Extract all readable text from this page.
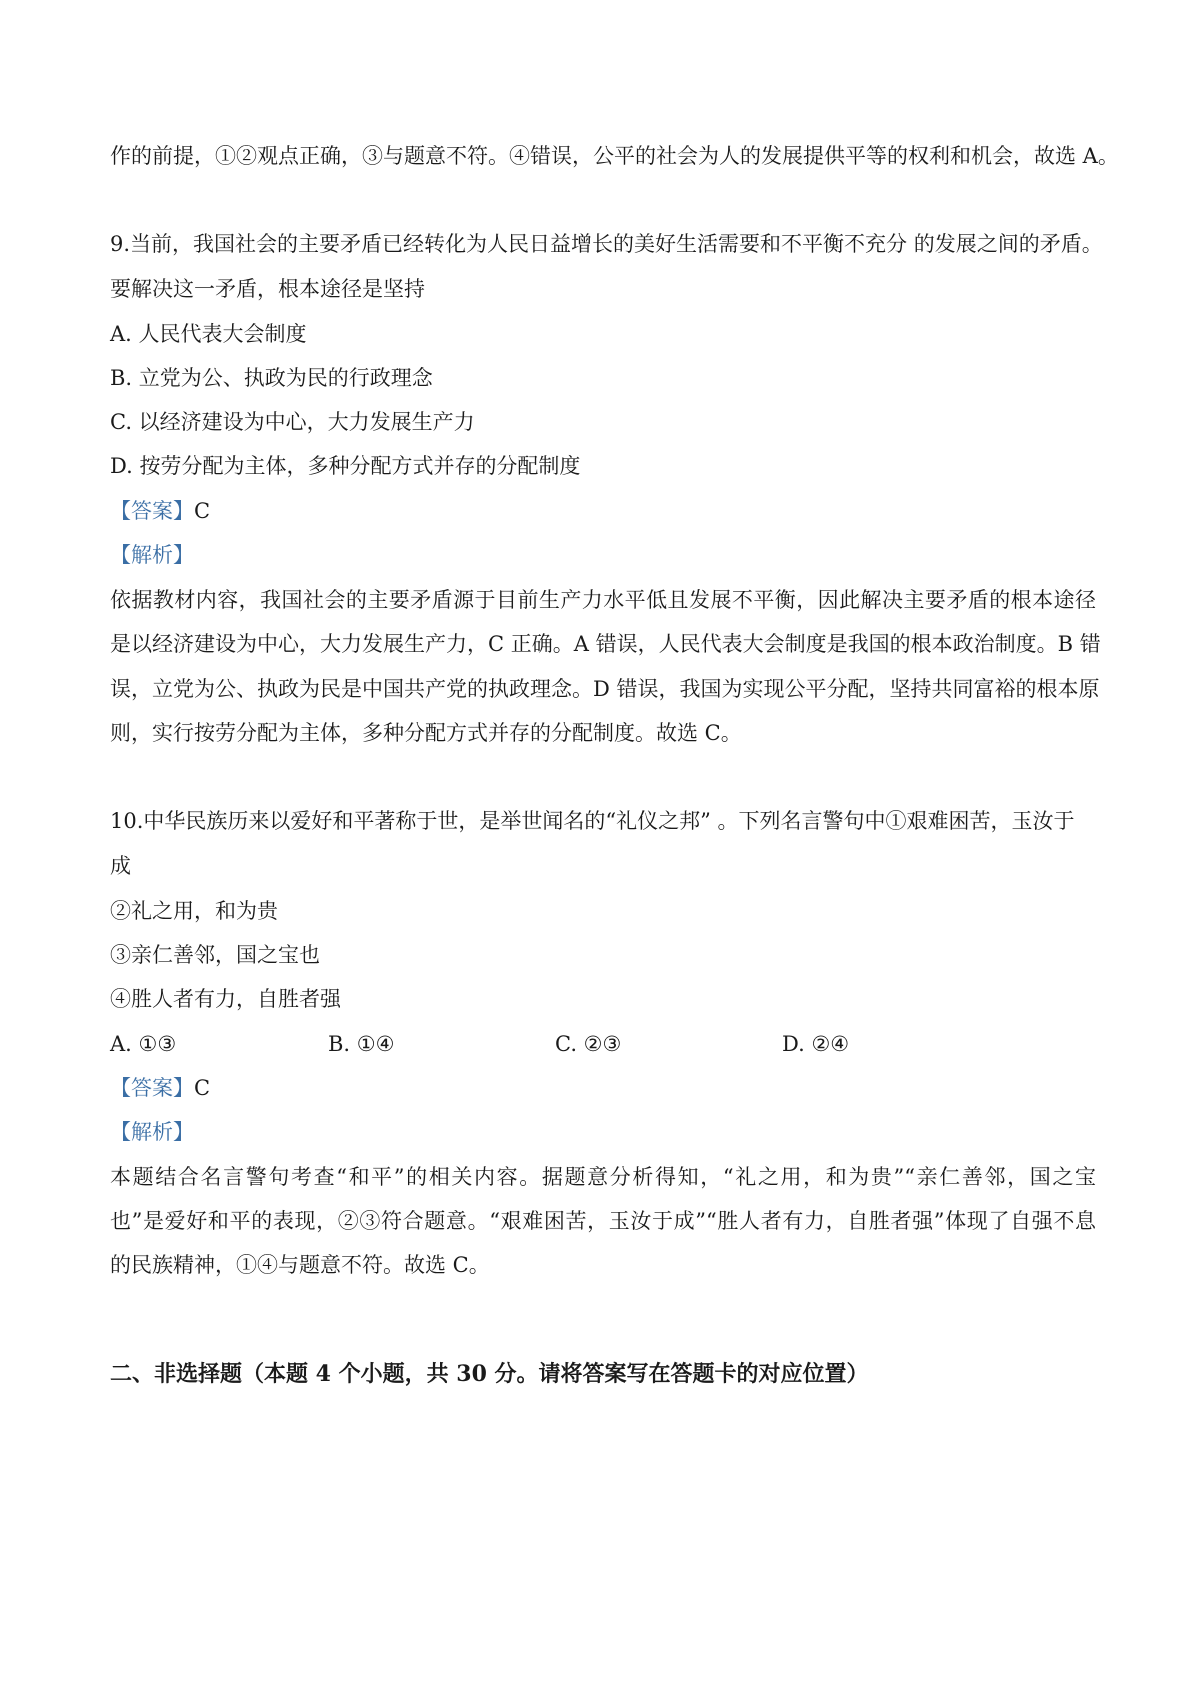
作的前提，①②观点正确，③与题意不符。④错误，公平的社会为人的发展提供平等的权利和机会，故选 A。
9.当前，我国社会的主要矛盾已经转化为人民日益增长的美好生活需要和不平衡不充分 的发展之间的矛盾。
要解决这一矛盾，根本途径是坚持
A. 人民代表大会制度
B. 立党为公、执政为民的行政理念
C. 以经济建设为中心，大力发展生产力
D. 按劳分配为主体，多种分配方式并存的分配制度
【答案】C
【解析】
依据教材内容，我国社会的主要矛盾源于目前生产力水平低且发展不平衡，因此解决主要矛盾的根本途径
是以经济建设为中心，大力发展生产力，C 正确。A 错误，人民代表大会制度是我国的根本政治制度。B 错
误，立党为公、执政为民是中国共产党的执政理念。D 错误，我国为实现公平分配，坚持共同富裕的根本原
则，实行按劳分配为主体，多种分配方式并存的分配制度。故选 C。
10.中华民族历来以爱好和平著称于世，是举世闻名的“礼仪之邦” 。下列名言警句中①艰难困苦，玉汝于
成
②礼之用，和为贵
③亲仁善邻，国之宝也
④胜人者有力，自胜者强
A. ①③	B. ①④	C. ②③	D. ②④
【答案】C
【解析】
本题结合名言警句考查“和平”的相关内容。据题意分析得知，“礼之用，和为贵”“亲仁善邻，国之宝
也”是爱好和平的表现，②③符合题意。“艰难困苦，玉汝于成”“胜人者有力，自胜者强”体现了自强不息
的民族精神，①④与题意不符。故选 C。
二、非选择题（本题 4 个小题，共 30 分。请将答案写在答题卡的对应位置）
